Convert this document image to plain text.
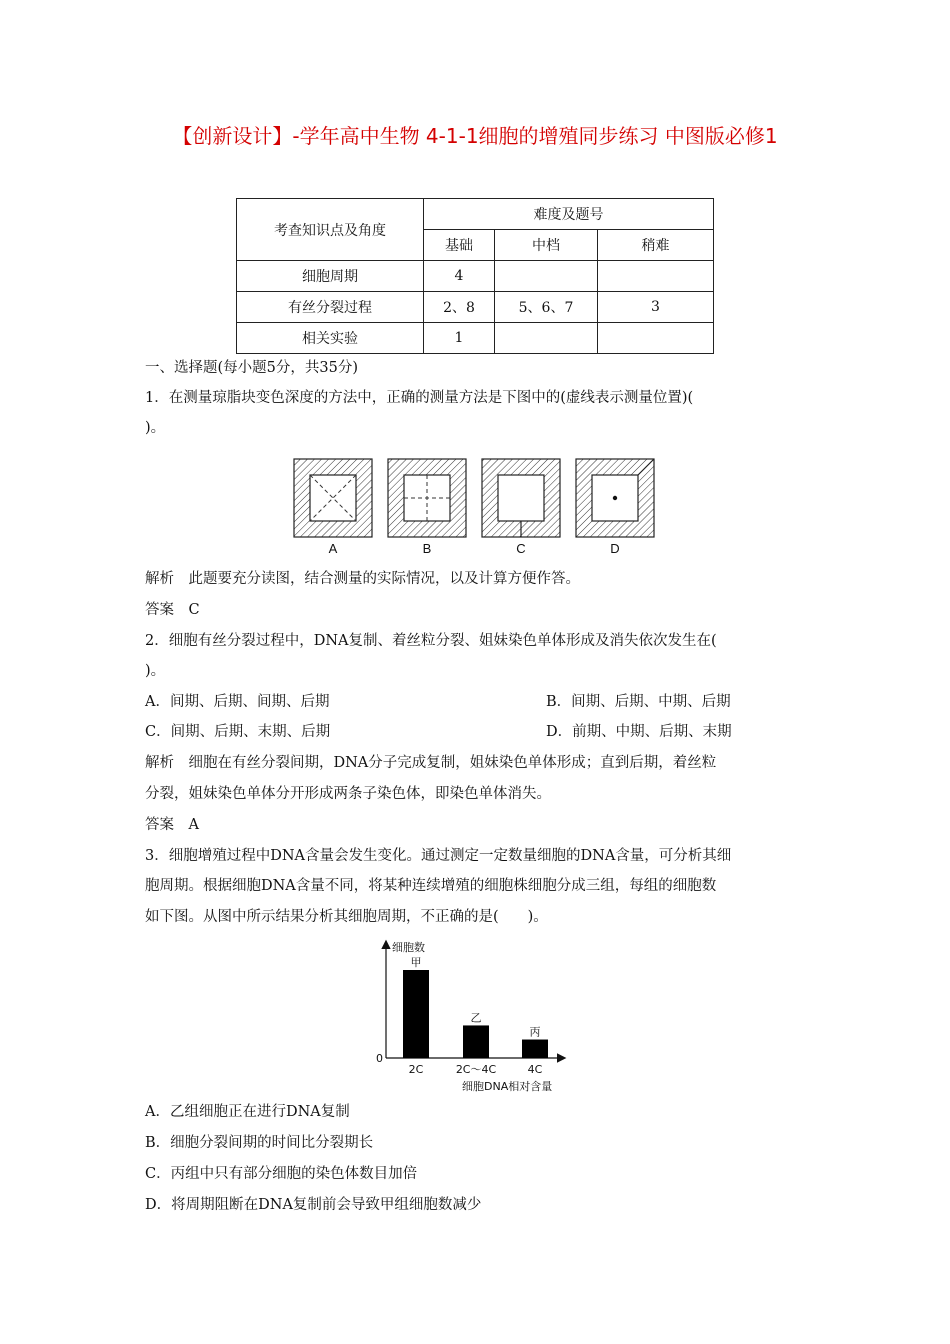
【创新设计】-学年高中生物 4-1-1细胞的增殖同步练习 中图版必修1
考查知识点及角度	难度及题号		
	基础	中档	稍难
细胞周期	4		
有丝分裂过程	2、8	5、6、7	3
相关实验	1		
一、选择题(每小题5分，共35分)
1．在测量琼脂块变色深度的方法中，正确的测量方法是下图中的(虚线表示测量位置)(
)。
A	B	C	D
解析　此题要充分读图，结合测量的实际情况，以及计算方便作答。
答案　C
2．细胞有丝分裂过程中，DNA复制、着丝粒分裂、姐妹染色单体形成及消失依次发生在(
)。
A．间期、后期、间期、后期	B．间期、后期、中期、后期
C．间期、后期、末期、后期	D．前期、中期、后期、末期
解析　细胞在有丝分裂间期，DNA分子完成复制，姐妹染色单体形成；直到后期，着丝粒
分裂，姐妹染色单体分开形成两条子染色体，即染色单体消失。
答案　A
3．细胞增殖过程中DNA含量会发生变化。通过测定一定数量细胞的DNA含量，可分析其细
胞周期。根据细胞DNA含量不同，将某种连续增殖的细胞株细胞分成三组，每组的细胞数
如下图。从图中所示结果分析其细胞周期，不正确的是(　　)。
细胞数
0
细胞DNA相对含量
甲
2C
乙
2C～4C
丙
4C
A．乙组细胞正在进行DNA复制
B．细胞分裂间期的时间比分裂期长
C．丙组中只有部分细胞的染色体数目加倍
D．将周期阻断在DNA复制前会导致甲组细胞数减少
